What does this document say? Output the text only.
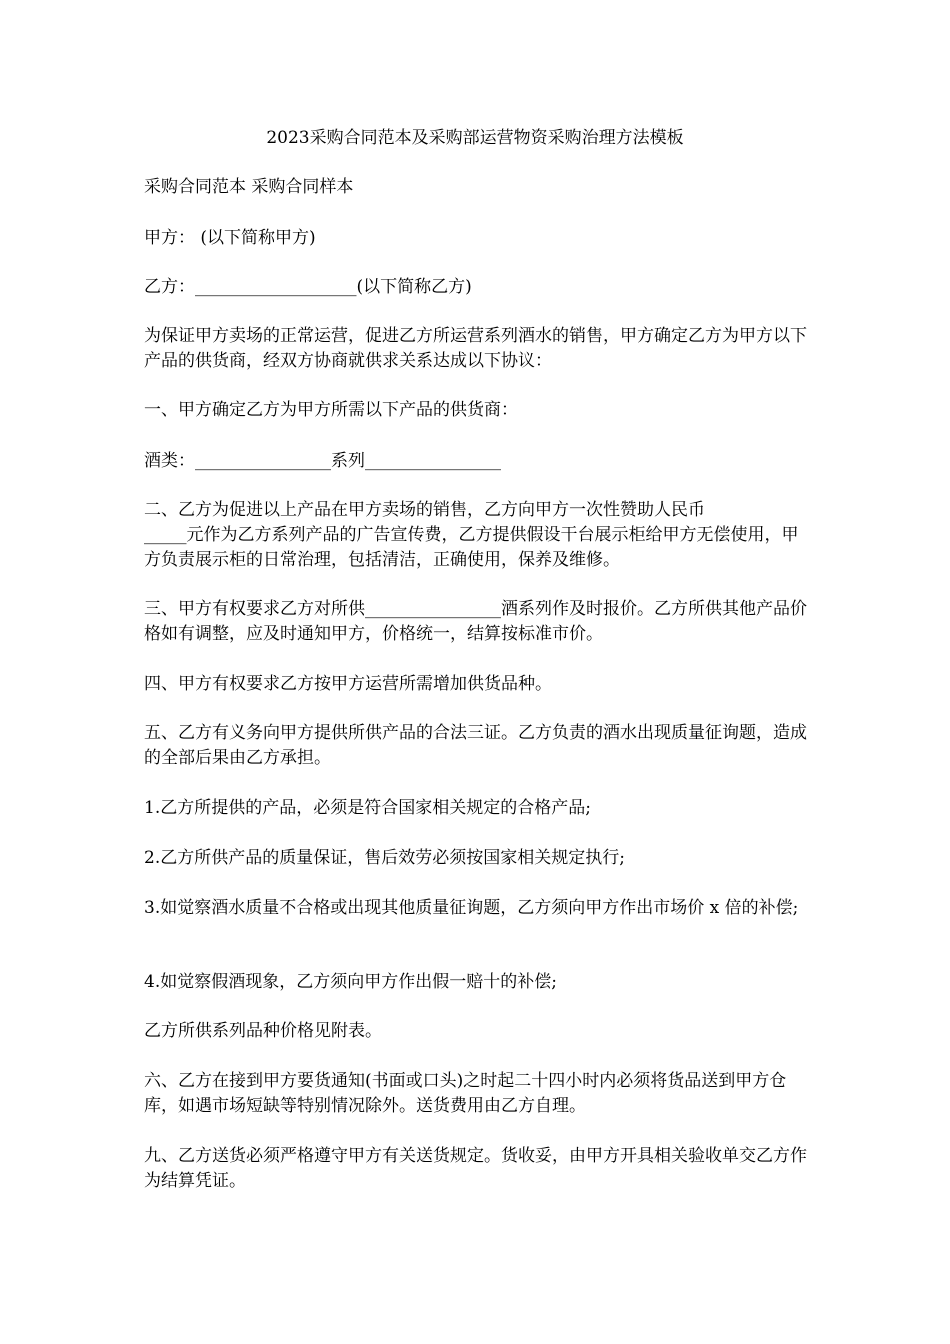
2023采购合同范本及采购部运营物资采购治理方法模板

采购合同范本 采购合同样本

甲方： (以下简称甲方)

乙方：___________________(以下简称乙方)

为保证甲方卖场的正常运营，促进乙方所运营系列酒水的销售，甲方确定乙方为甲方以下产品的供货商，经双方协商就供求关系达成以下协议：

一、甲方确定乙方为甲方所需以下产品的供货商：

酒类：________________系列________________

二、乙方为促进以上产品在甲方卖场的销售，乙方向甲方一次性赞助人民币
_____元作为乙方系列产品的广告宣传费，乙方提供假设干台展示柜给甲方无偿使用，甲方负责展示柜的日常治理，包括清洁，正确使用，保养及维修。

三、甲方有权要求乙方对所供________________酒系列作及时报价。乙方所供其他产品价格如有调整，应及时通知甲方，价格统一，结算按标准市价。

四、甲方有权要求乙方按甲方运营所需增加供货品种。

五、乙方有义务向甲方提供所供产品的合法三证。乙方负责的酒水出现质量征询题，造成的全部后果由乙方承担。

1.乙方所提供的产品，必须是符合国家相关规定的合格产品;

2.乙方所供产品的质量保证，售后效劳必须按国家相关规定执行;

3.如觉察酒水质量不合格或出现其他质量征询题，乙方须向甲方作出市场价 x 倍的补偿;

4.如觉察假酒现象，乙方须向甲方作出假一赔十的补偿;

乙方所供系列品种价格见附表。

六、乙方在接到甲方要货通知(书面或口头)之时起二十四小时内必须将货品送到甲方仓库，如遇市场短缺等特别情况除外。送货费用由乙方自理。

九、乙方送货必须严格遵守甲方有关送货规定。货收妥，由甲方开具相关验收单交乙方作为结算凭证。
